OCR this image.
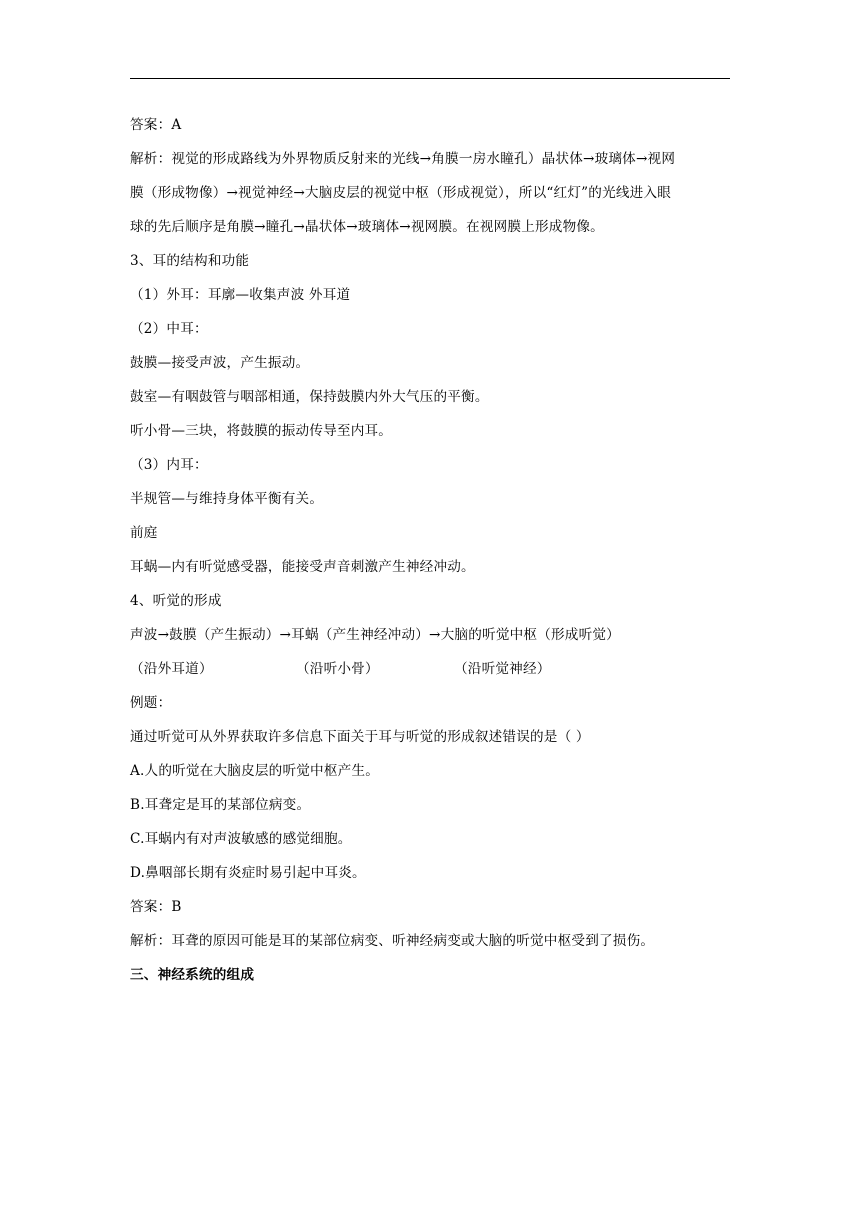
答案：A
解析：视觉的形成路线为外界物质反射来的光线→角膜一房水瞳孔）晶状体→玻璃体→视网
膜（形成物像）→视觉神经→大脑皮层的视觉中枢（形成视觉），所以“红灯”的光线进入眼
球的先后顺序是角膜→瞳孔→晶状体→玻璃体→视网膜。在视网膜上形成物像。
3、耳的结构和功能
（1）外耳：耳廓—收集声波 外耳道
（2）中耳：
鼓膜—接受声波，产生振动。
鼓室—有咽鼓管与咽部相通，保持鼓膜内外大气压的平衡。
听小骨—三块，将鼓膜的振动传导至内耳。
（3）内耳：
半规管—与维持身体平衡有关。
前庭
耳蜗—内有听觉感受器，能接受声音刺激产生神经冲动。
4、听觉的形成
声波→鼓膜（产生振动）→耳蜗（产生神经冲动）→大脑的听觉中枢（形成听觉）
（沿外耳道）	（沿听小骨）	（沿听觉神经）
例题：
通过听觉可从外界获取许多信息下面关于耳与听觉的形成叙述错误的是（ ）
A.人的听觉在大脑皮层的听觉中枢产生。
B.耳聋定是耳的某部位病变。
C.耳蜗内有对声波敏感的感觉细胞。
D.鼻咽部长期有炎症时易引起中耳炎。
答案：B
解析：耳聋的原因可能是耳的某部位病变、听神经病变或大脑的听觉中枢受到了损伤。
三、神经系统的组成
